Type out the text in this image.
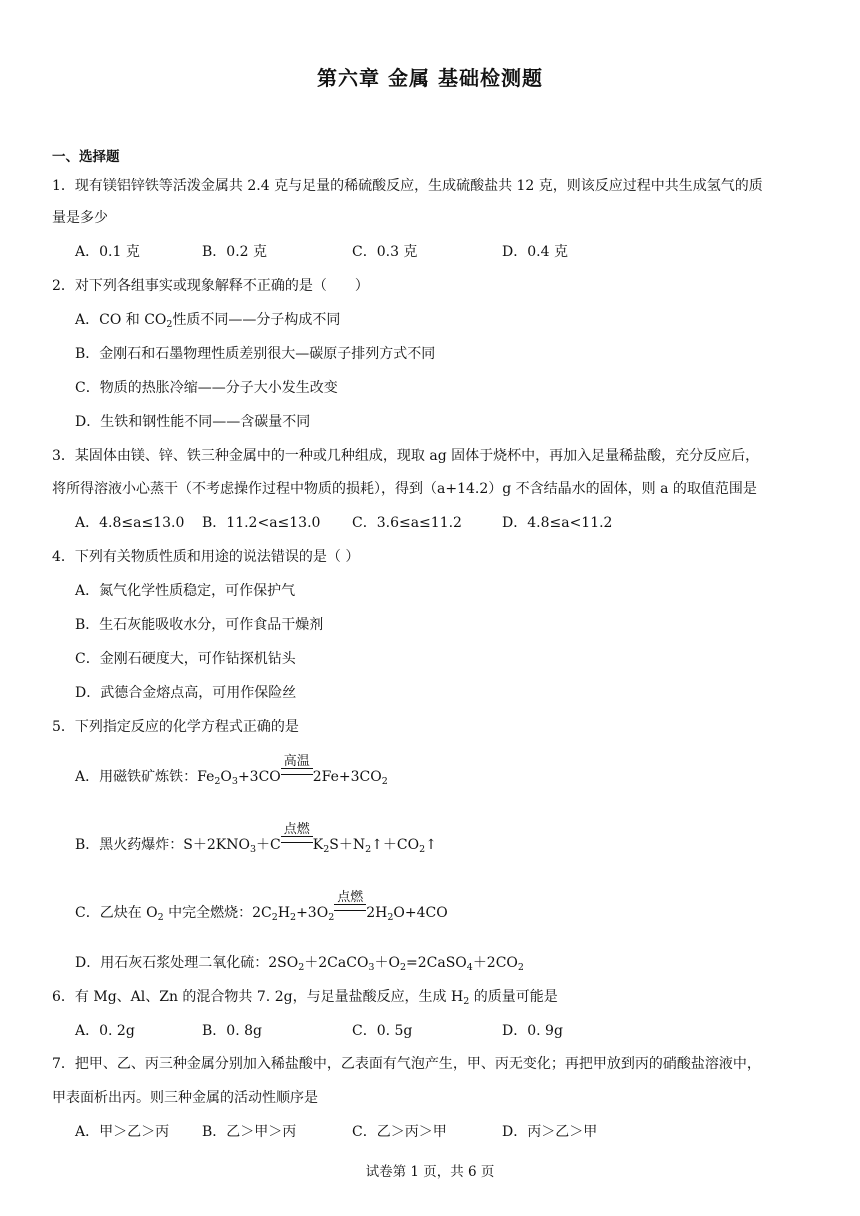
第六章 金属 基础检测题
一、选择题
1．现有镁铝锌铁等活泼金属共 2.4 克与足量的稀硫酸反应，生成硫酸盐共 12 克，则该反应过程中共生成氢气的质
量是多少
A．0.1 克	B．0.2 克	C．0.3 克	D．0.4 克
2．对下列各组事实或现象解释不正确的是（　　）
A．CO 和 $CO_2$性质不同——分子构成不同
B．金刚石和石墨物理性质差别很大—碳原子排列方式不同
C．物质的热胀冷缩——分子大小发生改变
D．生铁和钢性能不同——含碳量不同
3．某固体由镁、锌、铁三种金属中的一种或几种组成，现取 ag 固体于烧杯中，再加入足量稀盐酸，充分反应后，
将所得溶液小心蒸干（不考虑操作过程中物质的损耗），得到（a+14.2）g 不含结晶水的固体，则 a 的取值范围是
A．4.8≤a≤13.0 B．11.2<a≤13.0 C．3.6≤a≤11.2	D．4.8≤a<11.2
4．下列有关物质性质和用途的说法错误的是（ ）
A．氮气化学性质稳定，可作保护气
B．生石灰能吸收水分，可作食品干燥剂
C．金刚石硬度大，可作钻探机钻头
D．武德合金熔点高，可用作保险丝
5．下列指定反应的化学方程式正确的是
A．用磁铁矿炼铁：$Fe_2O_3+3CO$
高温
$2Fe+3CO_2$
B．黑火药爆炸：$S+2KNO_3+C$
点燃
$K_2S+N_2↑+CO_2↑$
C．乙炔在 $O_2$ 中完全燃烧：$2C_2H_2+3O_2$
点燃
$2H_2O+4CO$
D．用石灰石浆处理二氧化硫：$2SO_2+2CaCO_3+O_2=2CaSO_4+2CO_2$
6．有 Mg、Al、Zn 的混合物共 7. 2g，与足量盐酸反应，生成 $H_2$ 的质量可能是
A．0. 2g	B．0. 8g	C．0. 5g	D．0. 9g
7．把甲、乙、丙三种金属分别加入稀盐酸中，乙表面有气泡产生，甲、丙无变化；再把甲放到丙的硝酸盐溶液中，
甲表面析出丙。则三种金属的活动性顺序是
A．甲＞乙＞丙 B．乙＞甲＞丙	C．乙＞丙＞甲	D．丙＞乙＞甲
试卷第 1 页，共 6 页
